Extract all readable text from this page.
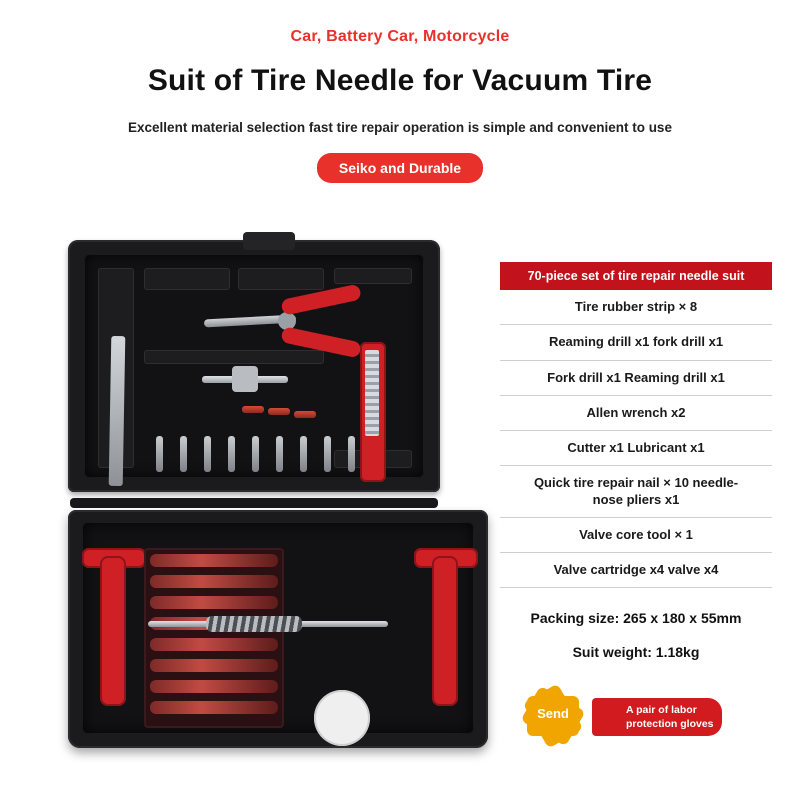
Car, Battery Car, Motorcycle
Suit of Tire Needle for Vacuum Tire
Excellent material selection fast tire repair operation is simple and convenient to use
Seiko and Durable
70-piece set of tire repair needle suit
Tire rubber strip × 8
Reaming drill x1 fork drill x1
Fork drill x1 Reaming drill x1
Allen wrench x2
Cutter x1 Lubricant x1
Quick tire repair nail × 10 needle-nose pliers x1
Valve core tool × 1
Valve cartridge x4 valve x4
Packing size: 265 x 180 x 55mm
Suit weight: 1.18kg
A pair of labor protection gloves
Send
